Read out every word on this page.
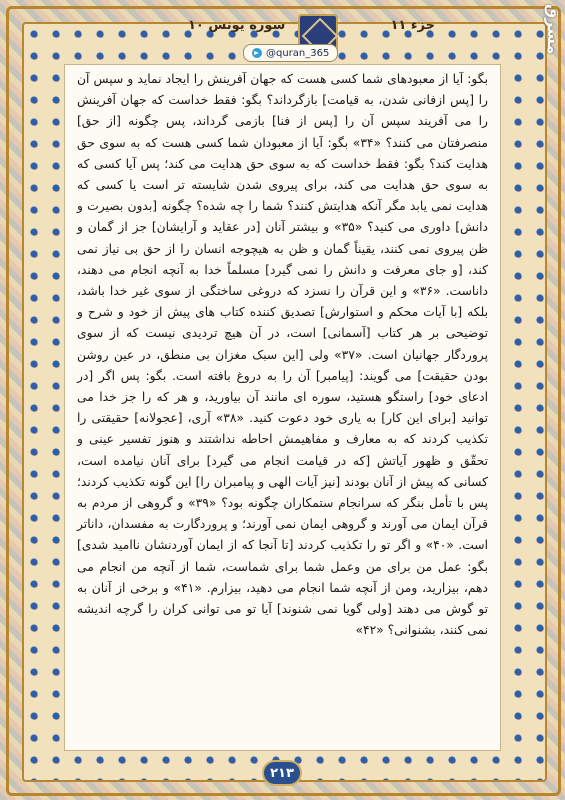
جزء ۱۱
سوره یونس ۱۰
@quran_365	مشرق
بگو: آیا از معبودهای شما کسی هست که جهان آفرینش را ایجاد نماید و سپس آن را [پس ازفانی شدن، به قیامت] بازگرداند؟ بگو: فقط خداست که جهان آفرینش را می آفریند سپس آن را [پس از فنا] بازمی گرداند، پس چگونه [از حق] منصرفتان می کنند؟ «۳۴» بگو: آیا از معبودان شما کسی هست که به سوی حق هدایت کند؟ بگو: فقط خداست که به سوی حق هدایت می کند؛ پس آیا کسی که به سوی حق هدایت می کند، برای پیروی شدن شایسته تر است یا کسی که هدایت نمی یابد مگر آنکه هدایتش کنند؟ شما را چه شده؟ چگونه [بدون بصیرت و دانش] داوری می کنید؟ «۳۵» و بیشتر آنان [در عقاید و آرایشان] جز از گمان و ظن پیروی نمی کنند، یقیناً گمان و ظن به هیچوجه انسان را از حق بی نیاز نمی کند، [و جای معرفت و دانش را نمی گیرد] مسلماً خدا به آنچه انجام می دهند، داناست. «۳۶» و این قرآن را نسزد که دروغی ساختگی از سوی غیر خدا باشد، بلکه [با آیات محکم و استوارش] تصدیق کننده کتاب های پیش از خود و شرح و توضیحی بر هر کتاب [آسمانی] است، در آن هیچ تردیدی نیست که از سوی پروردگار جهانیان است. «۳۷» ولی [این سبک مغزان بی منطق، در عین روشن بودن حقیقت] می گویند: [پیامبر] آن را به دروغ بافته است. بگو: پس اگر [در ادعای خود] راستگو هستید، سوره ای مانند آن بیاورید، و هر که را جز خدا می توانید [برای این کار] به یاری خود دعوت کنید. «۳۸» آری، [عجولانه] حقیقتی را تکذیب کردند که به معارف و مفاهیمش احاطه نداشتند و هنوز تفسیر عینی و تحقّق و ظهور آیاتش [که در قیامت انجام می گیرد] برای آنان نیامده است، کسانی که پیش از آنان بودند [نیز آیات الهی و پیامبران را] این گونه تکذیب کردند؛ پس با تأمل بنگر که سرانجام ستمکاران چگونه بود؟ «۳۹» و گروهی از مردم به قرآن ایمان می آورند و گروهی ایمان نمی آورند؛ و پروردگارت به مفسدان، داناتر است. «۴۰» و اگر تو را تکذیب کردند [تا آنجا که از ایمان آوردنشان ناامید شدی] بگو: عمل من برای من وعمل شما برای شماست، شما از آنچه من انجام می دهم، بیزارید، ومن از آنچه شما انجام می دهید، بیزارم. «۴۱» و برخی از آنان به تو گوش می دهند [ولی گویا نمی شنوند] آیا تو می توانی کران را گرچه اندیشه نمی کنند، بشنوانی؟ «۴۲»
۲۱۳
